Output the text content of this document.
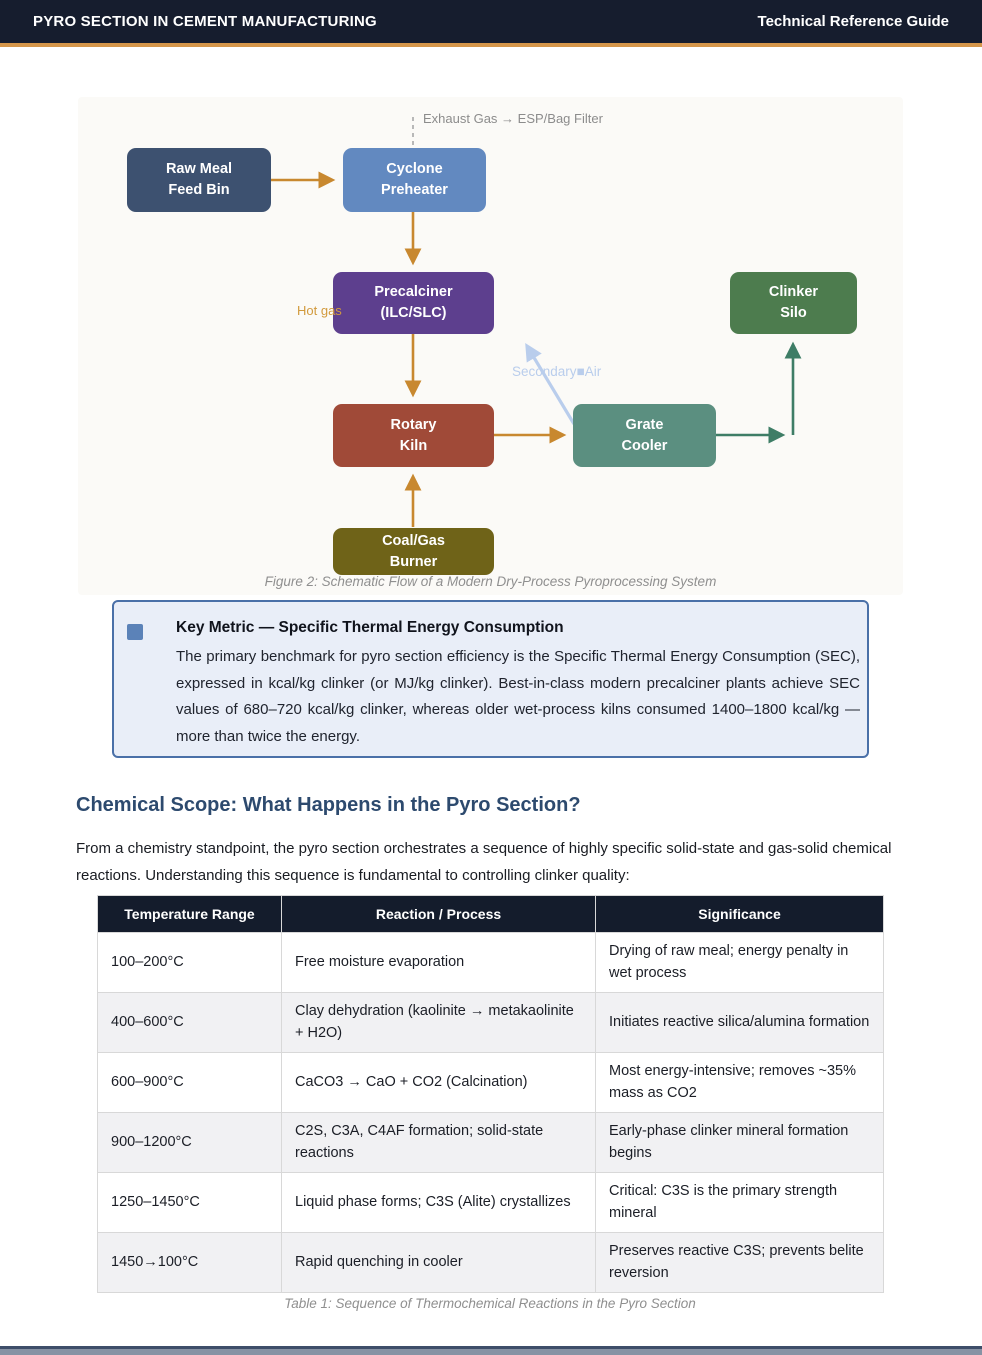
PYRO SECTION IN CEMENT MANUFACTURING	Technical Reference Guide
Raw Meal
Feed Bin
Cyclone
Preheater
Precalciner
(ILC/SLC)
Rotary
Kiln
Grate
Cooler
Clinker
Silo
Coal/Gas
Burner
Exhaust Gas → ESP/Bag Filter
Hot gas
Secondary■Air
Figure 2: Schematic Flow of a Modern Dry-Process Pyroprocessing System
Key Metric — Specific Thermal Energy Consumption
The primary benchmark for pyro section efficiency is the Specific Thermal Energy Consumption (SEC), expressed in kcal/kg clinker (or MJ/kg clinker). Best-in-class modern precalciner plants achieve SEC values of 680–720 kcal/kg clinker, whereas older wet-process kilns consumed 1400–1800 kcal/kg — more than twice the energy.
Chemical Scope: What Happens in the Pyro Section?
From a chemistry standpoint, the pyro section orchestrates a sequence of highly specific solid-state and gas-solid chemical reactions. Understanding this sequence is fundamental to controlling clinker quality:
Temperature Range	Reaction / Process	Significance
100–200°C	Free moisture evaporation	Drying of raw meal; energy penalty in wet process
400–600°C	Clay dehydration (kaolinite → metakaolinite + H2O)	Initiates reactive silica/alumina formation
600–900°C	CaCO3 → CaO + CO2 (Calcination)	Most energy-intensive; removes ~35% mass as CO2
900–1200°C	C2S, C3A, C4AF formation; solid-state reactions	Early-phase clinker mineral formation begins
1250–1450°C	Liquid phase forms; C3S (Alite) crystallizes	Critical: C3S is the primary strength mineral
1450→100°C	Rapid quenching in cooler	Preserves reactive C3S; prevents belite reversion
Table 1: Sequence of Thermochemical Reactions in the Pyro Section
